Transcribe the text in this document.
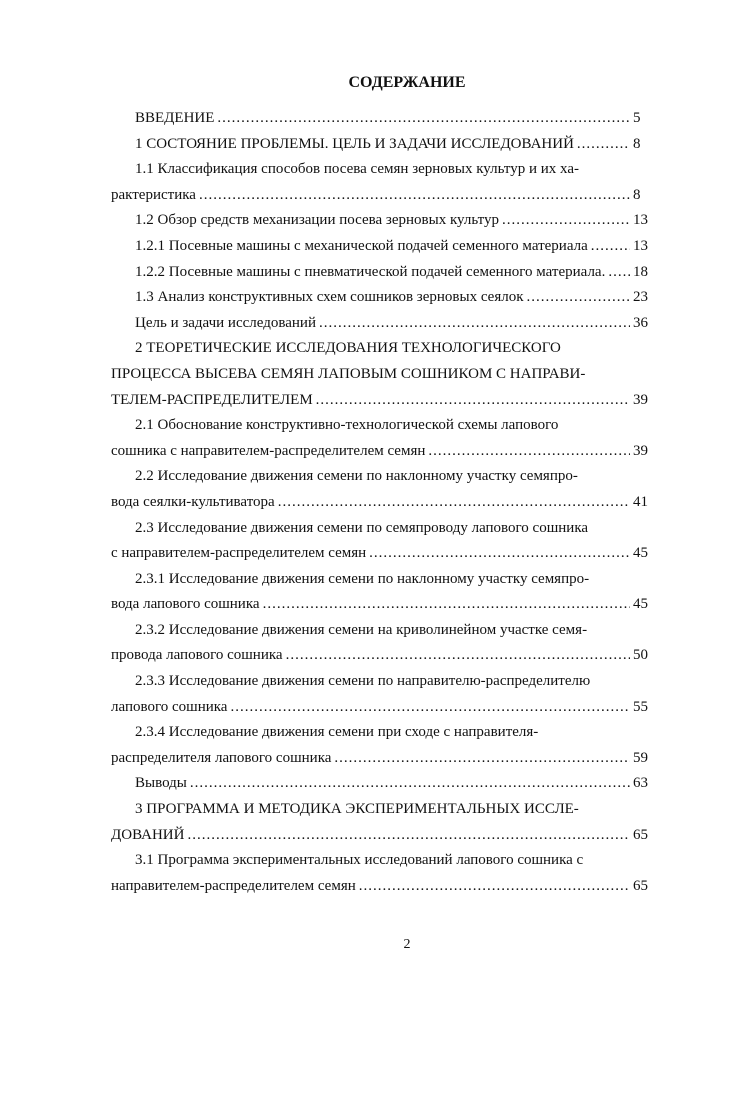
СОДЕРЖАНИЕ
ВВЕДЕНИЕ .....	5
1 СОСТОЯНИЕ ПРОБЛЕМЫ. ЦЕЛЬ И ЗАДАЧИ ИССЛЕДОВАНИЙ .....	8
1.1 Классификация способов посева семян зерновых культур и их ха-
рактеристика .....	8
1.2 Обзор средств механизации посева зерновых культур .....	13
1.2.1 Посевные машины с механической подачей семенного материала .....	13
1.2.2 Посевные машины с пневматической подачей семенного материала. ..... 18
1.3 Анализ конструктивных схем сошников зерновых сеялок .....	23
Цель и задачи исследований .....	36
2 ТЕОРЕТИЧЕСКИЕ ИССЛЕДОВАНИЯ ТЕХНОЛОГИЧЕСКОГО
ПРОЦЕССА ВЫСЕВА СЕМЯН ЛАПОВЫМ СОШНИКОМ С НАПРАВИ-
ТЕЛЕМ-РАСПРЕДЕЛИТЕЛЕМ .....	39
2.1 Обоснование конструктивно-технологической схемы лапового
сошника с направителем-распределителем семян .....	39
2.2 Исследование движения семени по наклонному участку семяпро-
вода сеялки-культиватора .....	41
2.3 Исследование движения семени по семяпроводу лапового сошника
с направителем-распределителем семян .....	45
2.3.1 Исследование движения семени по наклонному участку семяпро-
вода лапового сошника .....	45
2.3.2 Исследование движения семени на криволинейном участке семя-
провода лапового сошника .....	50
2.3.3 Исследование движения семени по направителю-распределителю
лапового сошника .....	55
2.3.4 Исследование движения семени при сходе с направителя-
распределителя лапового сошника .....	59
Выводы .....	63
3 ПРОГРАММА И МЕТОДИКА ЭКСПЕРИМЕНТАЛЬНЫХ ИССЛЕ-
ДОВАНИЙ .....	65
3.1 Программа экспериментальных исследований лапового сошника с
направителем-распределителем семян .....	65
2
